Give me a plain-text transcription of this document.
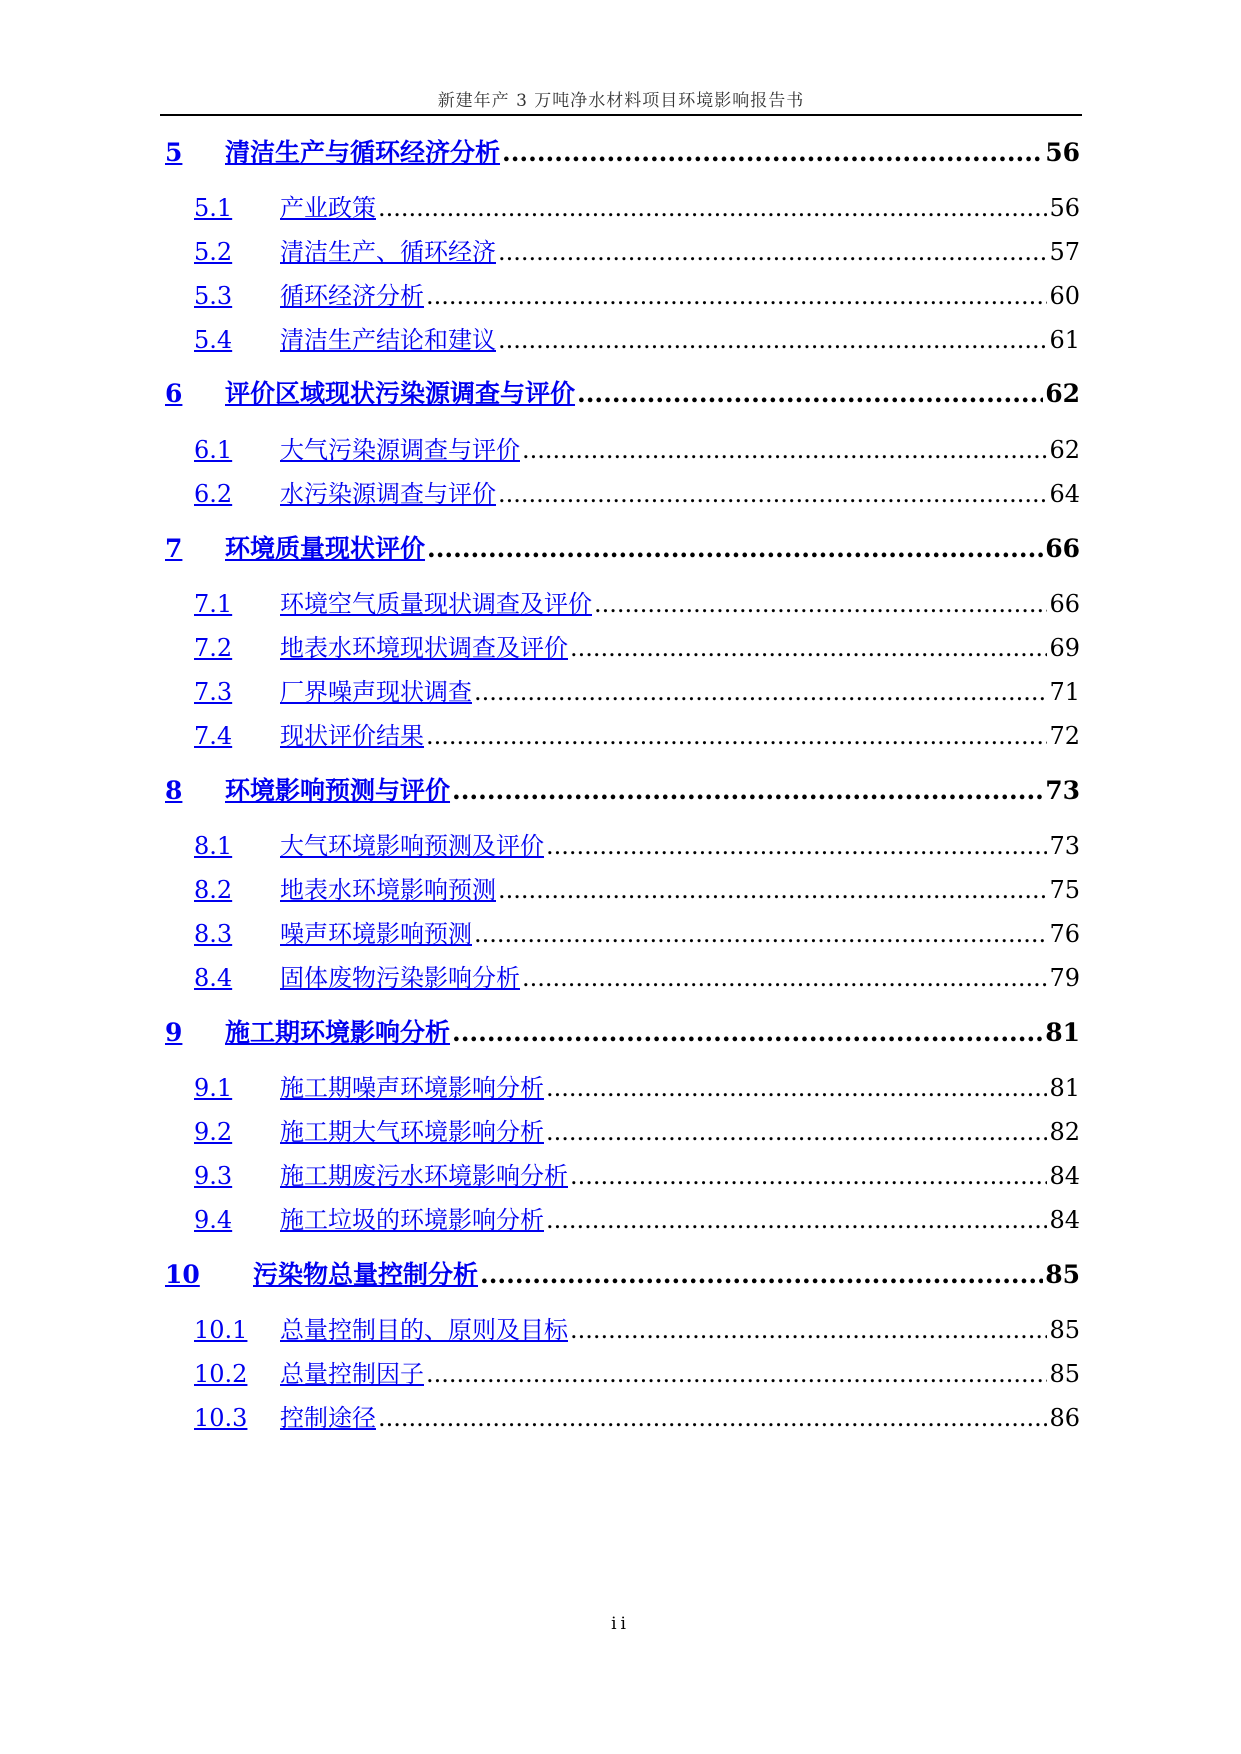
新建年产 3 万吨净水材料项目环境影响报告书
5	清洁生产与循环经济分析 .....	56
5.1	产业政策 .....	56
5.2	清洁生产、循环经济 .....	57
5.3	循环经济分析 .....	60
5.4	清洁生产结论和建议 .....	61
6	评价区域现状污染源调查与评价 .....	62
6.1	大气污染源调查与评价 .....	62
6.2	水污染源调查与评价 .....	64
7	环境质量现状评价 .....	66
7.1	环境空气质量现状调查及评价 .....	66
7.2	地表水环境现状调查及评价 .....	69
7.3	厂界噪声现状调查 .....	71
7.4	现状评价结果 .....	72
8	环境影响预测与评价 .....	73
8.1	大气环境影响预测及评价 .....	73
8.2	地表水环境影响预测 .....	75
8.3	噪声环境影响预测 .....	76
8.4	固体废物污染影响分析 .....	79
9	施工期环境影响分析 .....	81
9.1	施工期噪声环境影响分析 .....	81
9.2	施工期大气环境影响分析 .....	82
9.3	施工期废污水环境影响分析 .....	84
9.4	施工垃圾的环境影响分析 .....	84
10	污染物总量控制分析 .....	85
10.1	总量控制目的、原则及目标 .....	85
10.2	总量控制因子 .....	85
10.3	控制途径 .....	86
ii
